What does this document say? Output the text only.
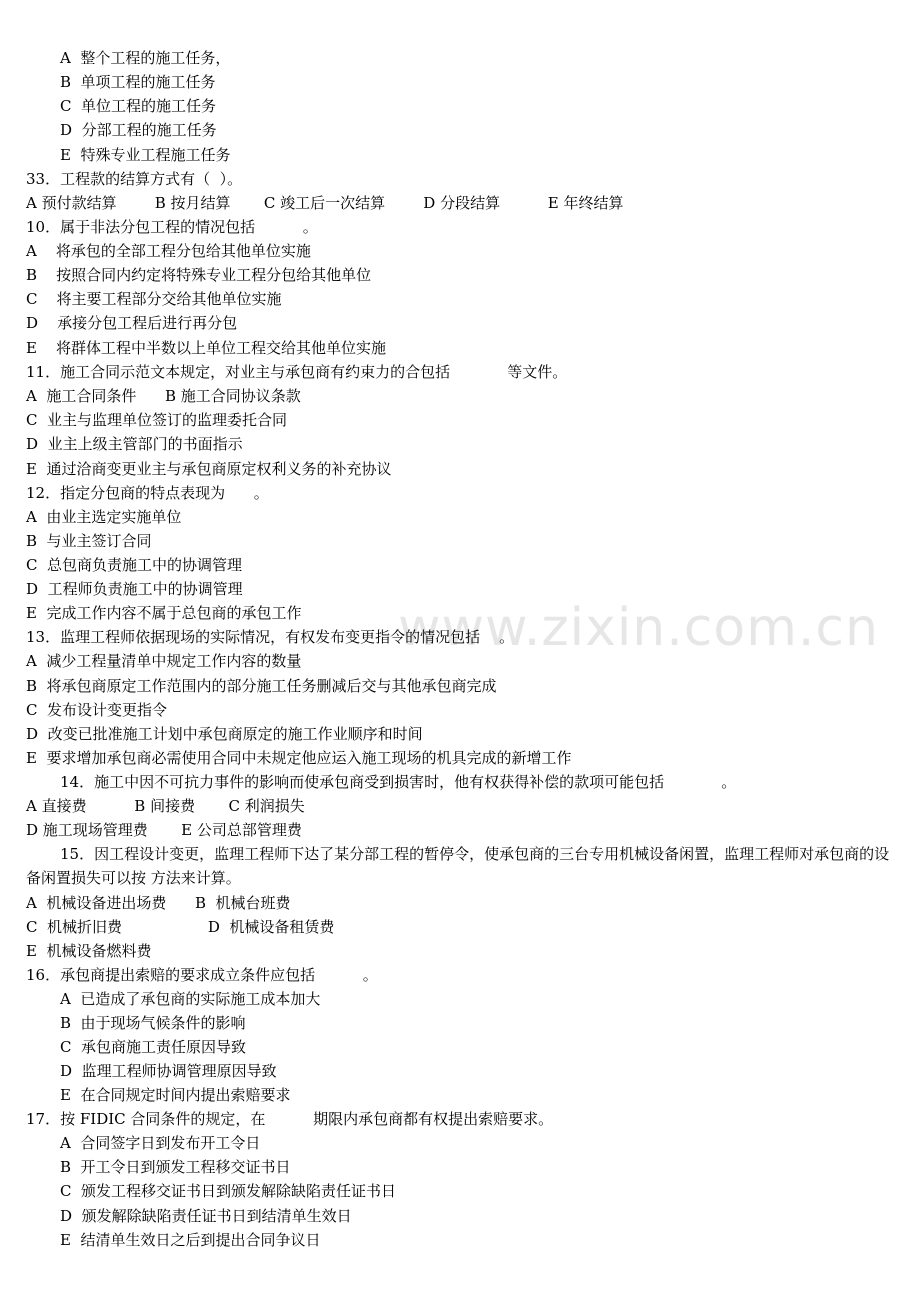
www.zixin.com.cn
A  整个工程的施工任务，
B  单项工程的施工任务
C  单位工程的施工任务
D  分部工程的施工任务
E  特殊专业工程施工任务
33．工程款的结算方式有（  ）。
A 预付款结算        B 按月结算       C 竣工后一次结算        D 分段结算          E 年终结算
10．属于非法分包工程的情况包括          。
A    将承包的全部工程分包给其他单位实施
B    按照合同内约定将特殊专业工程分包给其他单位
C    将主要工程部分交给其他单位实施
D    承接分包工程后进行再分包
E    将群体工程中半数以上单位工程交给其他单位实施
11．施工合同示范文本规定，对业主与承包商有约束力的合包括            等文件。
A  施工合同条件      B 施工合同协议条款
C  业主与监理单位签订的监理委托合同
D  业主上级主管部门的书面指示
E  通过洽商变更业主与承包商原定权利义务的补充协议
12．指定分包商的特点表现为      。
A  由业主选定实施单位
B  与业主签订合同
C  总包商负责施工中的协调管理
D  工程师负责施工中的协调管理
E  完成工作内容不属于总包商的承包工作
13．监理工程师依据现场的实际情况，有权发布变更指令的情况包括    。
A  减少工程量清单中规定工作内容的数量
B  将承包商原定工作范围内的部分施工任务删减后交与其他承包商完成
C  发布设计变更指令
D  改变已批准施工计划中承包商原定的施工作业顺序和时间
E  要求增加承包商必需使用合同中未规定他应运入施工现场的机具完成的新增工作
14．施工中因不可抗力事件的影响而使承包商受到损害时，他有权获得补偿的款项可能包括            。
A 直接费          B 间接费       C 利润损失
D 施工现场管理费       E 公司总部管理费
15．因工程设计变更，监理工程师下达了某分部工程的暂停令，使承包商的三台专用机械设备闲置，监理工程师对承包商的设备闲置损失可以按 方法来计算。
A  机械设备进出场费      B  机械台班费
C  机械折旧费                  D  机械设备租赁费
E  机械设备燃料费
16．承包商提出索赔的要求成立条件应包括          。
A  已造成了承包商的实际施工成本加大
B  由于现场气候条件的影响
C  承包商施工责任原因导致
D  监理工程师协调管理原因导致
E  在合同规定时间内提出索赔要求
17．按 FIDIC 合同条件的规定，在          期限内承包商都有权提出索赔要求。
A  合同签字日到发布开工令日
B  开工令日到颁发工程移交证书日
C  颁发工程移交证书日到颁发解除缺陷责任证书日
D  颁发解除缺陷责任证书日到结清单生效日
E  结清单生效日之后到提出合同争议日
